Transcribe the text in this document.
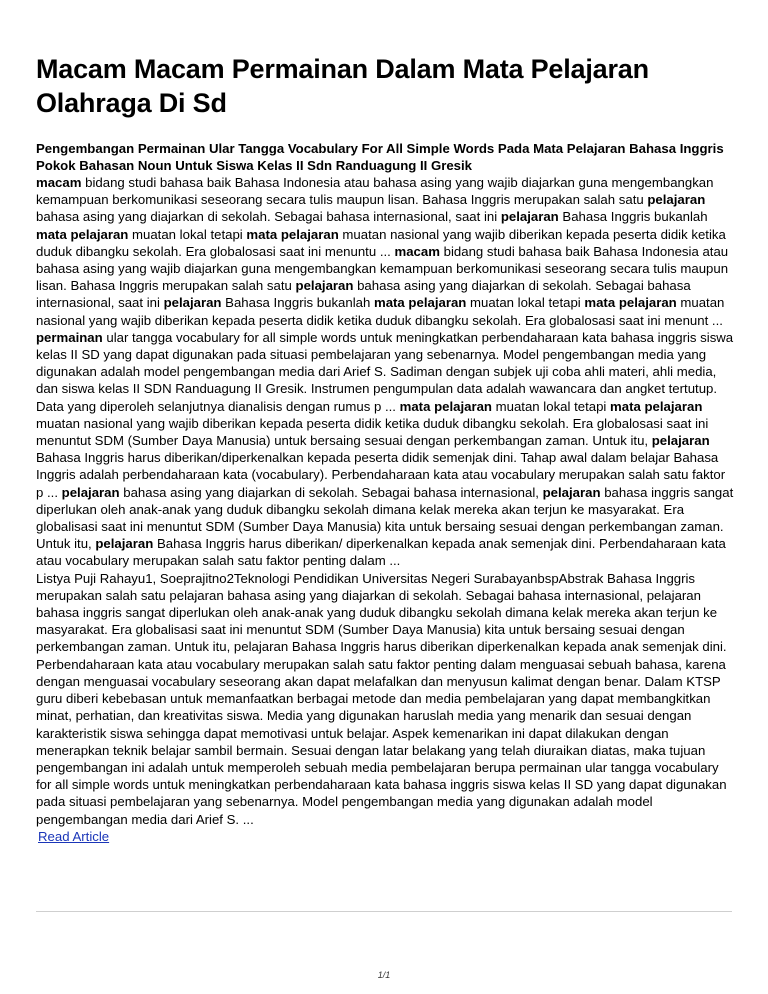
Macam Macam Permainan Dalam Mata Pelajaran Olahraga Di Sd
Pengembangan Permainan Ular Tangga Vocabulary For All Simple Words Pada Mata Pelajaran Bahasa Inggris Pokok Bahasan Noun Untuk Siswa Kelas II Sdn Randuagung II Gresik

macam bidang studi bahasa baik Bahasa Indonesia atau bahasa asing yang wajib diajarkan guna mengembangkan kemampuan berkomunikasi seseorang secara tulis maupun lisan. Bahasa Inggris merupakan salah satu pelajaran bahasa asing yang diajarkan di sekolah. Sebagai bahasa internasional, saat ini pelajaran Bahasa Inggris bukanlah mata pelajaran muatan lokal tetapi mata pelajaran muatan nasional yang wajib diberikan kepada peserta didik ketika duduk dibangku sekolah. Era globalosasi saat ini menuntu ... macam bidang studi bahasa baik Bahasa Indonesia atau bahasa asing yang wajib diajarkan guna mengembangkan kemampuan berkomunikasi seseorang secara tulis maupun lisan. Bahasa Inggris merupakan salah satu pelajaran bahasa asing yang diajarkan di sekolah. Sebagai bahasa internasional, saat ini pelajaran Bahasa Inggris bukanlah mata pelajaran muatan lokal tetapi mata pelajaran muatan nasional yang wajib diberikan kepada peserta didik ketika duduk dibangku sekolah. Era globalosasi saat ini menunt ... permainan ular tangga vocabulary for all simple words untuk meningkatkan perbendaharaan kata bahasa inggris siswa kelas II SD yang dapat digunakan pada situasi pembelajaran yang sebenarnya. Model pengembangan media yang digunakan adalah model pengembangan media dari Arief S. Sadiman dengan subjek uji coba ahli materi, ahli media, dan siswa kelas II SDN Randuagung II Gresik. Instrumen pengumpulan data adalah wawancara dan angket tertutup. Data yang diperoleh selanjutnya dianalisis dengan rumus p ... mata pelajaran muatan lokal tetapi mata pelajaran muatan nasional yang wajib diberikan kepada peserta didik ketika duduk dibangku sekolah. Era globalosasi saat ini menuntut SDM (Sumber Daya Manusia) untuk bersaing sesuai dengan perkembangan zaman. Untuk itu, pelajaran Bahasa Inggris harus diberikan/diperkenalkan kepada peserta didik semenjak dini. Tahap awal dalam belajar Bahasa Inggris adalah perbendaharaan kata (vocabulary). Perbendaharaan kata atau vocabulary merupakan salah satu faktor p ... pelajaran bahasa asing yang diajarkan di sekolah. Sebagai bahasa internasional, pelajaran bahasa inggris sangat diperlukan oleh anak-anak yang duduk dibangku sekolah dimana kelak mereka akan terjun ke masyarakat. Era globalisasi saat ini menuntut SDM (Sumber Daya Manusia) kita untuk bersaing sesuai dengan perkembangan zaman. Untuk itu, pelajaran Bahasa Inggris harus diberikan/ diperkenalkan kepada anak semenjak dini. Perbendaharaan kata atau vocabulary merupakan salah satu faktor penting dalam ...

Listya Puji Rahayu1, Soeprajitno2Teknologi Pendidikan Universitas Negeri SurabayanbspAbstrak Bahasa Inggris merupakan salah satu pelajaran bahasa asing yang diajarkan di sekolah. Sebagai bahasa internasional, pelajaran bahasa inggris sangat diperlukan oleh anak-anak yang duduk dibangku sekolah dimana kelak mereka akan terjun ke masyarakat. Era globalisasi saat ini menuntut SDM (Sumber Daya Manusia) kita untuk bersaing sesuai dengan perkembangan zaman. Untuk itu, pelajaran Bahasa Inggris harus diberikan diperkenalkan kepada anak semenjak dini. Perbendaharaan kata atau vocabulary merupakan salah satu faktor penting dalam menguasai sebuah bahasa, karena dengan menguasai vocabulary seseorang akan dapat melafalkan dan menyusun kalimat dengan benar. Dalam KTSP guru diberi kebebasan untuk memanfaatkan berbagai metode dan media pembelajaran yang dapat membangkitkan minat, perhatian, dan kreativitas siswa. Media yang digunakan haruslah media yang menarik dan sesuai dengan karakteristik siswa sehingga dapat memotivasi untuk belajar. Aspek kemenarikan ini dapat dilakukan dengan menerapkan teknik belajar sambil bermain. Sesuai dengan latar belakang yang telah diuraikan diatas, maka tujuan pengembangan ini adalah untuk memperoleh sebuah media pembelajaran berupa permainan ular tangga vocabulary for all simple words untuk meningkatkan perbendaharaan kata bahasa inggris siswa kelas II SD yang dapat digunakan pada situasi pembelajaran yang sebenarnya. Model pengembangan media yang digunakan adalah model pengembangan media dari Arief S. ...

Read Article
1/1
